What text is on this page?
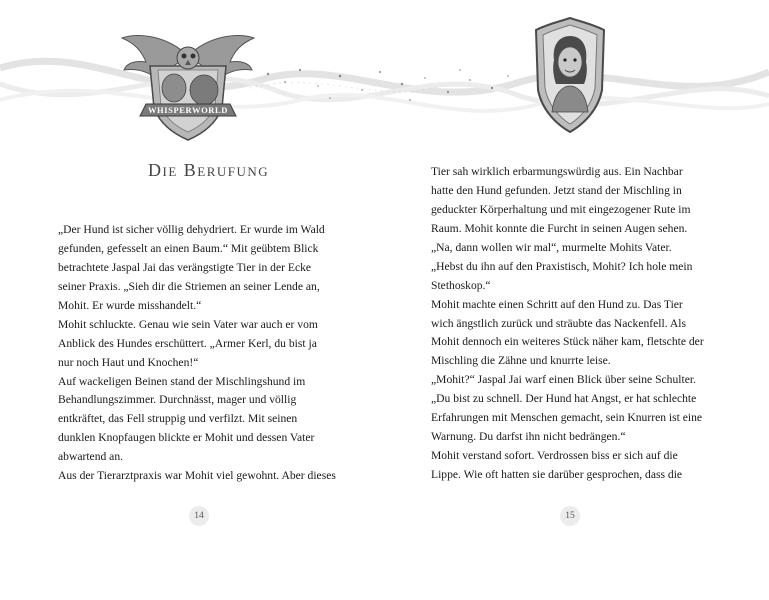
WHISPERWORLD
Die Berufung
„Der Hund ist sicher völlig dehydriert. Er wurde im Wald
gefunden, gefesselt an einen Baum.“ Mit geübtem Blick
betrachtete Jaspal Jai das verängstigte Tier in der Ecke
seiner Praxis. „Sieh dir die Striemen an seiner Lende an,
Mohit. Er wurde misshandelt.“
Mohit schluckte. Genau wie sein Vater war auch er vom
Anblick des Hundes erschüttert. „Armer Kerl, du bist ja
nur noch Haut und Knochen!“
Auf wackeligen Beinen stand der Mischlingshund im
Behandlungszimmer. Durchnässt, mager und völlig
entkräftet, das Fell struppig und verfilzt. Mit seinen
dunklen Knopfaugen blickte er Mohit und dessen Vater
abwartend an.
Aus der Tierarztpraxis war Mohit viel gewohnt. Aber dieses
Tier sah wirklich erbarmungswürdig aus. Ein Nachbar
hatte den Hund gefunden. Jetzt stand der Mischling in
geduckter Körperhaltung und mit eingezogener Rute im
Raum. Mohit konnte die Furcht in seinen Augen sehen.
„Na, dann wollen wir mal“, murmelte Mohits Vater.
„Hebst du ihn auf den Praxistisch, Mohit? Ich hole mein
Stethoskop.“
Mohit machte einen Schritt auf den Hund zu. Das Tier
wich ängstlich zurück und sträubte das Nackenfell. Als
Mohit dennoch ein weiteres Stück näher kam, fletschte der
Mischling die Zähne und knurrte leise.
„Mohit?“ Jaspal Jai warf einen Blick über seine Schulter.
„Du bist zu schnell. Der Hund hat Angst, er hat schlechte
Erfahrungen mit Menschen gemacht, sein Knurren ist eine
Warnung. Du darfst ihn nicht bedrängen.“
Mohit verstand sofort. Verdrossen biss er sich auf die
Lippe. Wie oft hatten sie darüber gesprochen, dass die
14	15
